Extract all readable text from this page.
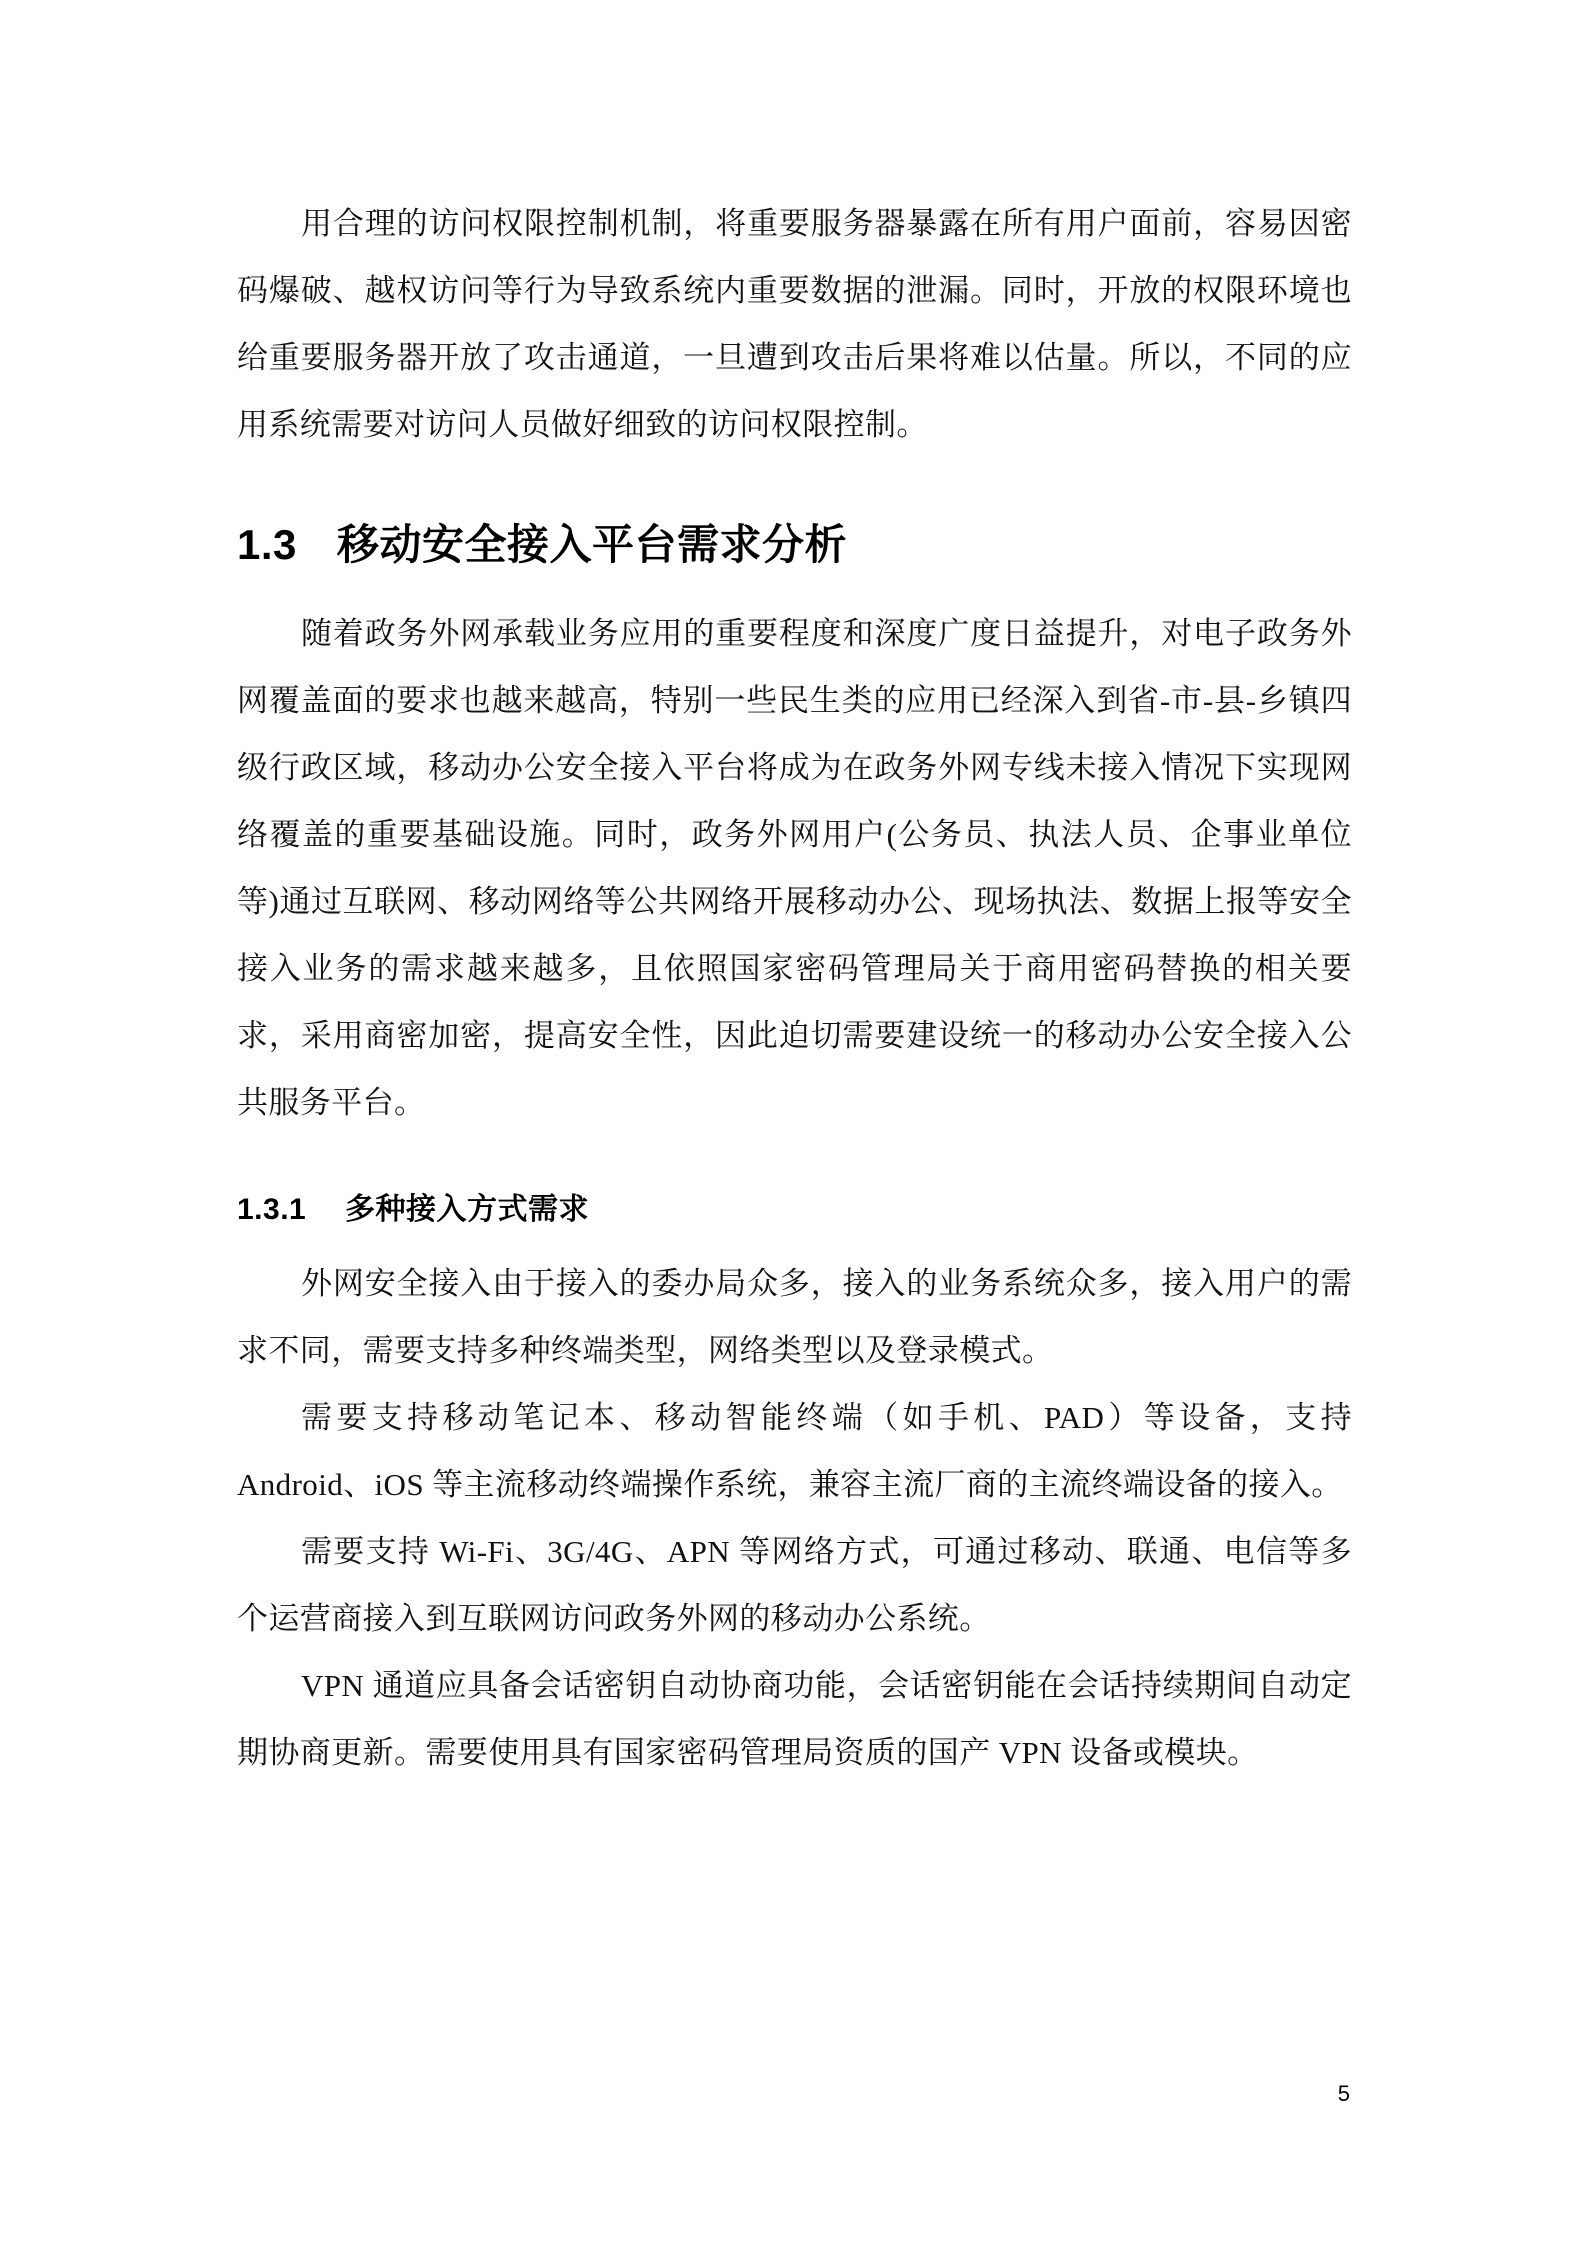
用合理的访问权限控制机制，将重要服务器暴露在所有用户面前，容易因密码爆破、越权访问等行为导致系统内重要数据的泄漏。同时，开放的权限环境也给重要服务器开放了攻击通道，一旦遭到攻击后果将难以估量。所以，不同的应用系统需要对访问人员做好细致的访问权限控制。

1.3 移动安全接入平台需求分析

随着政务外网承载业务应用的重要程度和深度广度日益提升，对电子政务外网覆盖面的要求也越来越高，特别一些民生类的应用已经深入到省-市-县-乡镇四级行政区域，移动办公安全接入平台将成为在政务外网专线未接入情况下实现网络覆盖的重要基础设施。同时，政务外网用户(公务员、执法人员、企事业单位等)通过互联网、移动网络等公共网络开展移动办公、现场执法、数据上报等安全接入业务的需求越来越多，且依照国家密码管理局关于商用密码替换的相关要求，采用商密加密，提高安全性，因此迫切需要建设统一的移动办公安全接入公共服务平台。

1.3.1 多种接入方式需求

外网安全接入由于接入的委办局众多，接入的业务系统众多，接入用户的需求不同，需要支持多种终端类型，网络类型以及登录模式。

需要支持移动笔记本、移动智能终端（如手机、PAD）等设备，支持 Android、iOS 等主流移动终端操作系统，兼容主流厂商的主流终端设备的接入。

需要支持 Wi-Fi、3G/4G、APN 等网络方式，可通过移动、联通、电信等多个运营商接入到互联网访问政务外网的移动办公系统。

VPN 通道应具备会话密钥自动协商功能，会话密钥能在会话持续期间自动定期协商更新。需要使用具有国家密码管理局资质的国产 VPN 设备或模块。

5
